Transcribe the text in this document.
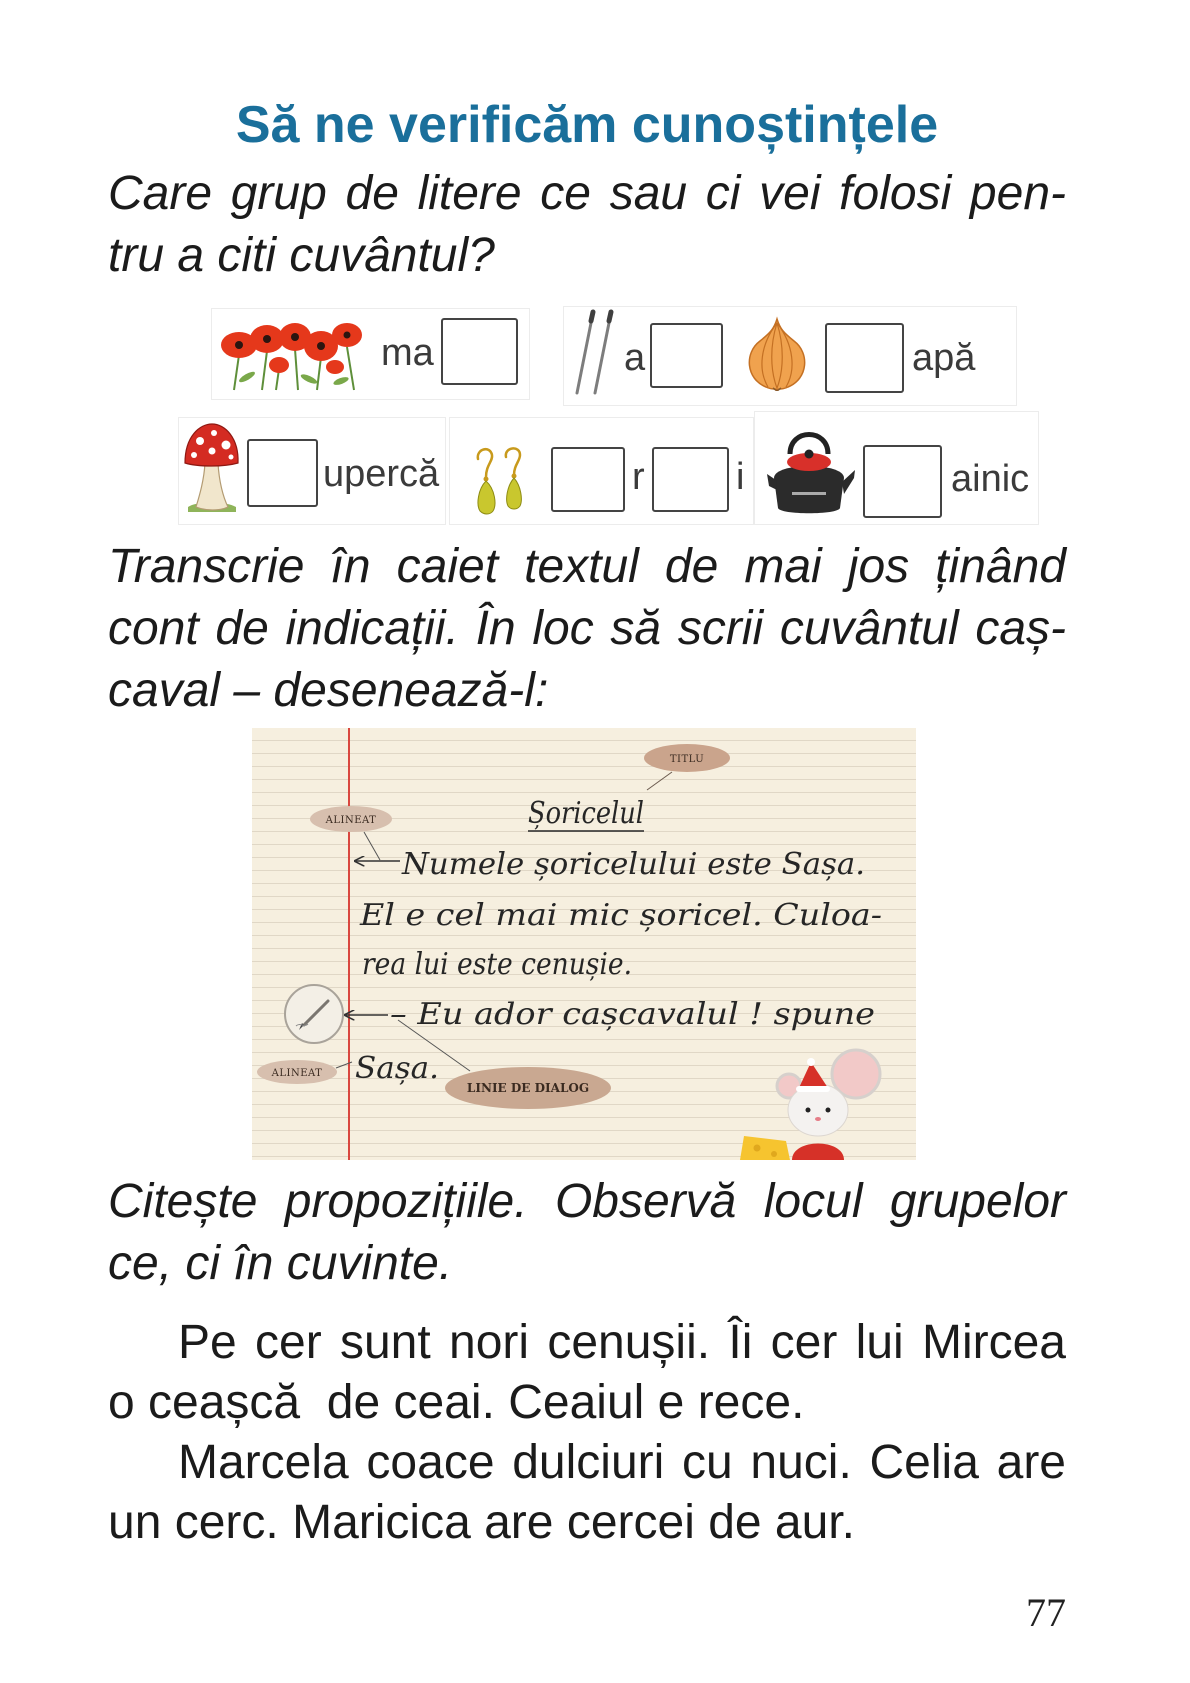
Să ne verificăm cunoștințele
Care grup de litere ce sau ci vei folosi pen-
tru a citi cuvântul?
ma	a	apă
upercă	r i	ainic
Transcrie în caiet textul de mai jos ținând
cont de indicații. În loc să scrii cuvântul caș-
caval – desenează-l:
TITLU
Șoricelul
ALINEAT
Numele șoricelului este Sașa.
El e cel mai mic șoricel. Culoa-
rea lui este cenușie.
– Eu ador cașcavalul ! spune
Sașa.
ALINEAT
LINIE DE DIALOG
Citește propozițiile. Observă locul grupelor
ce, ci în cuvinte.
Pe cer sunt nori cenușii. Îi cer lui Mircea
o ceașcă  de ceai. Ceaiul e rece.
Marcela coace dulciuri cu nuci. Celia are
un cerc. Maricica are cercei de aur.
77
